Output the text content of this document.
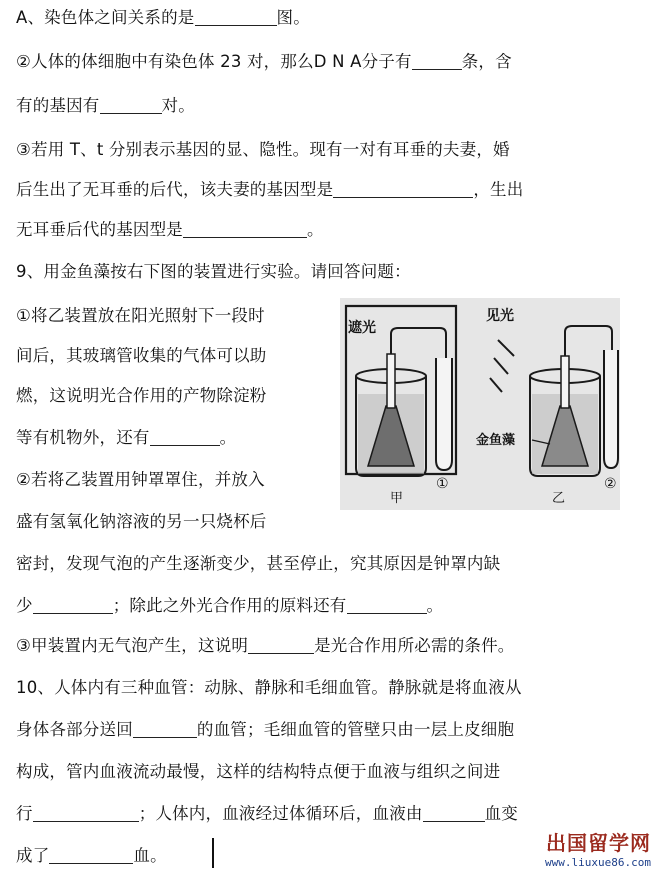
A、染色体之间关系的是	图。
②人体的体细胞中有染色体 23 对，那么D N A分子有	条，含
有的基因有	对。
③若用 T、t 分别表示基因的显、隐性。现有一对有耳垂的夫妻，婚
后生出了无耳垂的后代，该夫妻的基因型是	，生出
无耳垂后代的基因型是	。
9、用金鱼藻按右下图的装置进行实验。请回答问题：
①将乙装置放在阳光照射下一段时
间后，其玻璃管收集的气体可以助
燃，这说明光合作用的产物除淀粉
等有机物外，还有	。
②若将乙装置用钟罩罩住，并放入
盛有氢氧化钠溶液的另一只烧杯后
密封，发现气泡的产生逐渐变少，甚至停止，究其原因是钟罩内缺
少	；除此之外光合作用的原料还有	。
③甲装置内无气泡产生，这说明	是光合作用所必需的条件。
10、人体内有三种血管：动脉、静脉和毛细血管。静脉就是将血液从
身体各部分送回	的血管；毛细血管的管壁只由一层上皮细胞
构成，管内血液流动最慢，这样的结构特点便于血液与组织之间进
行	；人体内，血液经过体循环后，血液由	血变
成了	血。
遮光
见光
金鱼藻
甲	乙
①	②
出国留学网
www.liuxue86.com
